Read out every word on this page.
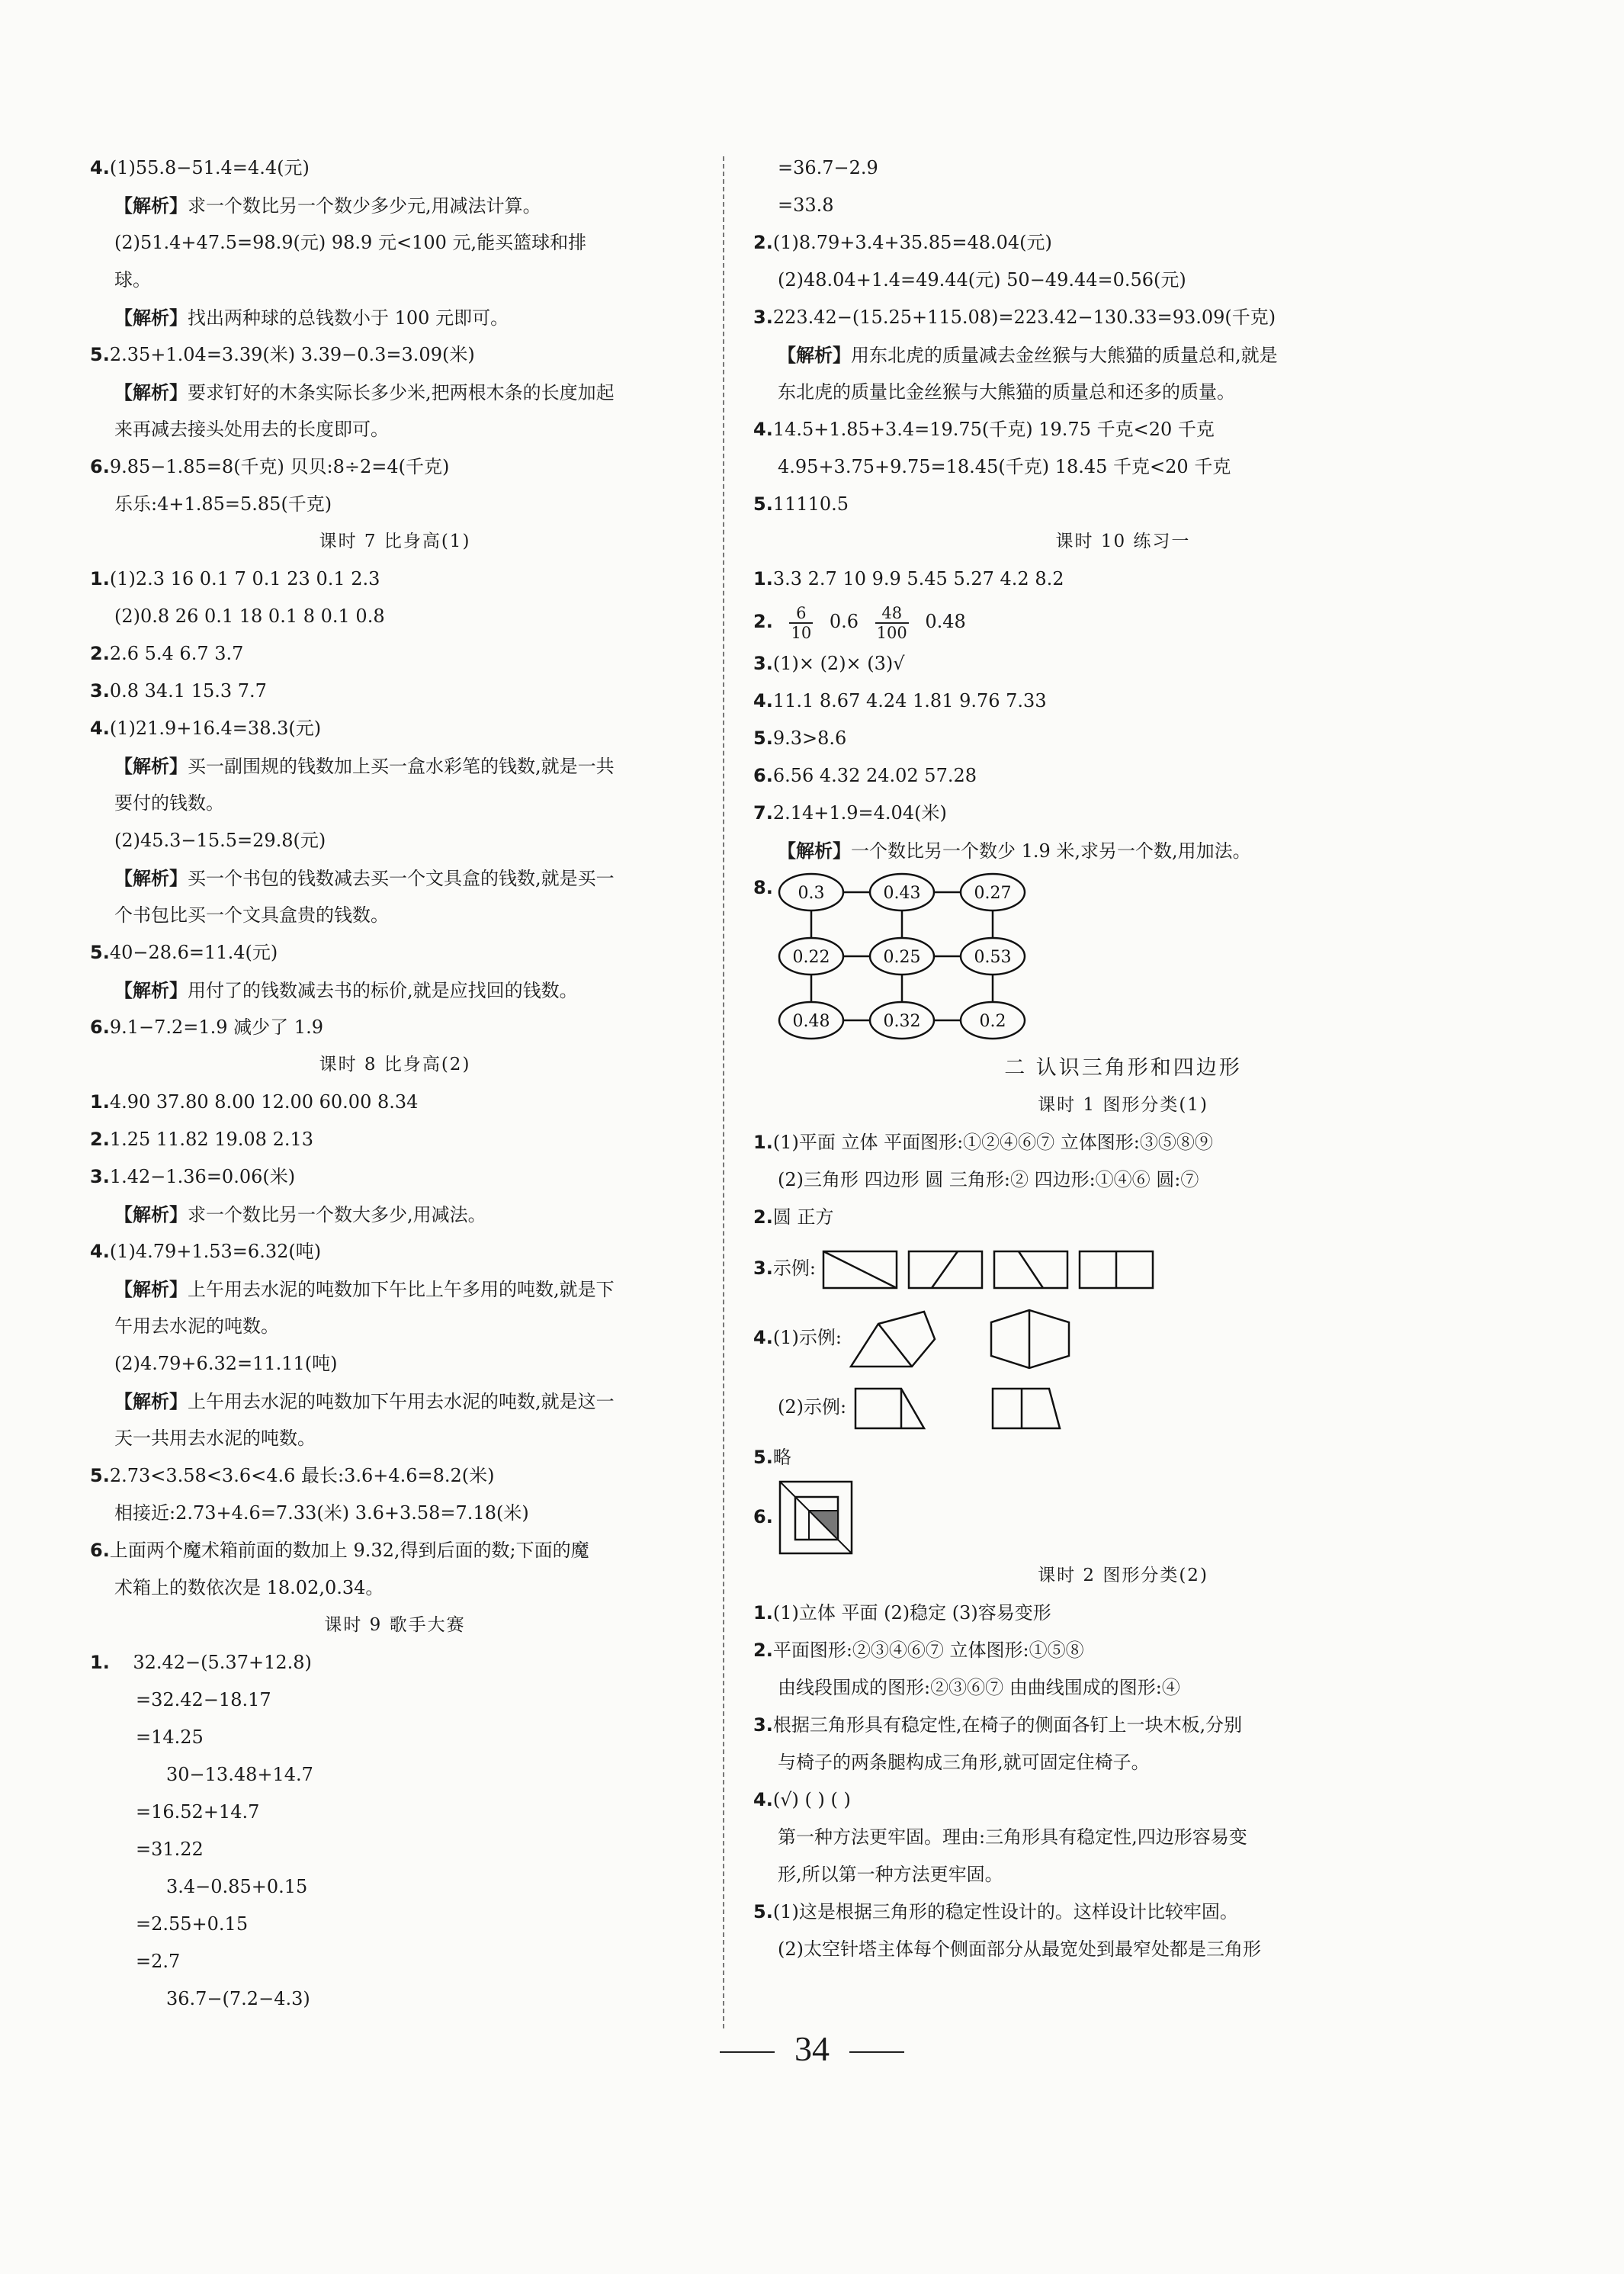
4.(1)55.8−51.4=4.4(元)
【解析】求一个数比另一个数少多少元,用减法计算。
(2)51.4+47.5=98.9(元) 98.9 元<100 元,能买篮球和排
球。
【解析】找出两种球的总钱数小于 100 元即可。
5.2.35+1.04=3.39(米) 3.39−0.3=3.09(米)
【解析】要求钉好的木条实际长多少米,把两根木条的长度加起
来再减去接头处用去的长度即可。
6.9.85−1.85=8(千克) 贝贝:8÷2=4(千克)
乐乐:4+1.85=5.85(千克)
课时 7 比身高(1)
1.(1)2.3 16 0.1 7 0.1 23 0.1 2.3
(2)0.8 26 0.1 18 0.1 8 0.1 0.8
2.2.6 5.4 6.7 3.7
3.0.8 34.1 15.3 7.7
4.(1)21.9+16.4=38.3(元)
【解析】买一副围规的钱数加上买一盒水彩笔的钱数,就是一共
要付的钱数。
(2)45.3−15.5=29.8(元)
【解析】买一个书包的钱数减去买一个文具盒的钱数,就是买一
个书包比买一个文具盒贵的钱数。
5.40−28.6=11.4(元)
【解析】用付了的钱数减去书的标价,就是应找回的钱数。
6.9.1−7.2=1.9 减少了 1.9
课时 8 比身高(2)
1.4.90 37.80 8.00 12.00 60.00 8.34
2.1.25 11.82 19.08 2.13
3.1.42−1.36=0.06(米)
【解析】求一个数比另一个数大多少,用减法。
4.(1)4.79+1.53=6.32(吨)
【解析】上午用去水泥的吨数加下午比上午多用的吨数,就是下
午用去水泥的吨数。
(2)4.79+6.32=11.11(吨)
【解析】上午用去水泥的吨数加下午用去水泥的吨数,就是这一
天一共用去水泥的吨数。
5.2.73<3.58<3.6<4.6 最长:3.6+4.6=8.2(米)
相接近:2.73+4.6=7.33(米) 3.6+3.58=7.18(米)
6.上面两个魔术箱前面的数加上 9.32,得到后面的数;下面的魔
术箱上的数依次是 18.02,0.34。
课时 9 歌手大赛
1. 32.42−(5.37+12.8)
=32.42−18.17
=14.25
30−13.48+14.7
=16.52+14.7
=31.22
3.4−0.85+0.15
=2.55+0.15
=2.7
36.7−(7.2−4.3)
=36.7−2.9
=33.8
2.(1)8.79+3.4+35.85=48.04(元)
(2)48.04+1.4=49.44(元) 50−49.44=0.56(元)
3.223.42−(15.25+115.08)=223.42−130.33=93.09(千克)
【解析】用东北虎的质量减去金丝猴与大熊猫的质量总和,就是
东北虎的质量比金丝猴与大熊猫的质量总和还多的质量。
4.14.5+1.85+3.4=19.75(千克) 19.75 千克<20 千克
4.95+3.75+9.75=18.45(千克) 18.45 千克<20 千克
5.11110.5
课时 10 练习一
1.3.3 2.7 10 9.9 5.45 5.27 4.2 8.2
2. $\frac{6}{10} 0.6 \frac{48}{100} 0.48$
3.(1)× (2)× (3)√
4.11.1 8.67 4.24 1.81 9.76 7.33
5.9.3>8.6
6.6.56 4.32 24.02 57.28
7.2.14+1.9=4.04(米)
【解析】一个数比另一个数少 1.9 米,求另一个数,用加法。
8. 0.3	0.43	0.27
0.22	0.25	0.53
0.48	0.32	0.2
二 认识三角形和四边形
课时 1 图形分类(1)
1.(1)平面 立体 平面图形:①②④⑥⑦ 立体图形:③⑤⑧⑨
(2)三角形 四边形 圆 三角形:② 四边形:①④⑥ 圆:⑦
2.圆 正方
3.示例:
4.(1)示例:
(2)示例:
5.略
6.
课时 2 图形分类(2)
1.(1)立体 平面 (2)稳定 (3)容易变形
2.平面图形:②③④⑥⑦ 立体图形:①⑤⑧
由线段围成的图形:②③⑥⑦ 由曲线围成的图形:④
3.根据三角形具有稳定性,在椅子的侧面各钉上一块木板,分别
与椅子的两条腿构成三角形,就可固定住椅子。
4.(√) ( ) ( )
第一种方法更牢固。理由:三角形具有稳定性,四边形容易变
形,所以第一种方法更牢固。
5.(1)这是根据三角形的稳定性设计的。这样设计比较牢固。
(2)太空针塔主体每个侧面部分从最宽处到最窄处都是三角形
34
